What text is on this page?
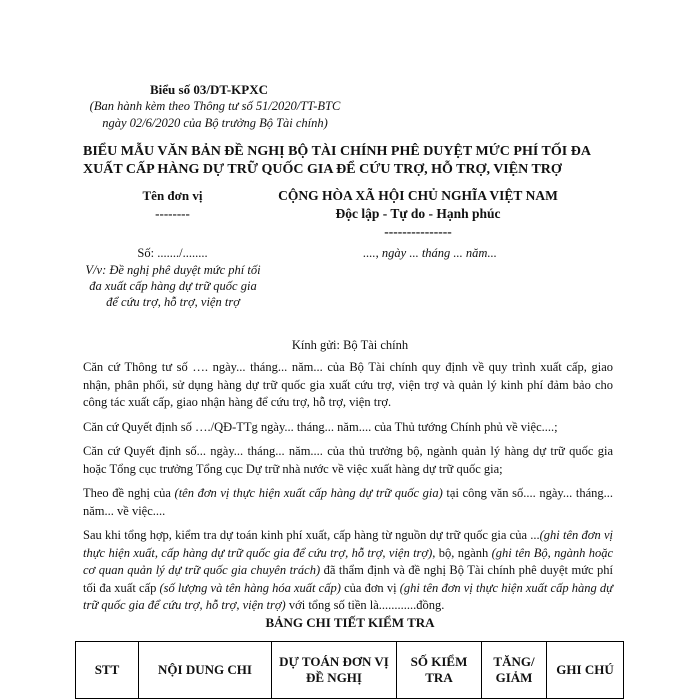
Biểu số 03/DT-KPXC
(Ban hành kèm theo Thông tư số 51/2020/TT-BTC ngày 02/6/2020 của Bộ trưởng Bộ Tài chính)
BIỂU MẪU VĂN BẢN ĐỀ NGHỊ BỘ TÀI CHÍNH PHÊ DUYỆT MỨC PHÍ TỐI ĐA XUẤT CẤP HÀNG DỰ TRỮ QUỐC GIA ĐỂ CỨU TRỢ, HỖ TRỢ, VIỆN TRỢ
Tên đơn vị
--------
CỘNG HÒA XÃ HỘI CHỦ NGHĨA VIỆT NAM
Độc lập - Tự do - Hạnh phúc
---------------
Số: ......./........	...., ngày ... tháng ... năm...
V/v: Đề nghị phê duyệt mức phí tối đa xuất cấp hàng dự trữ quốc gia để cứu trợ, hỗ trợ, viện trợ
Kính gửi: Bộ Tài chính

Căn cứ Thông tư số …. ngày... tháng... năm... của Bộ Tài chính quy định về quy trình xuất cấp, giao nhận, phân phối, sử dụng hàng dự trữ quốc gia xuất cứu trợ, viện trợ và quản lý kinh phí đảm bảo cho công tác xuất cấp, giao nhận hàng để cứu trợ, hỗ trợ, viện trợ.

Căn cứ Quyết định số …./QĐ-TTg ngày... tháng... năm.... của Thủ tướng Chính phủ về việc....;

Căn cứ Quyết định số... ngày... tháng... năm.... của thủ trưởng bộ, ngành quản lý hàng dự trữ quốc gia hoặc Tổng cục trưởng Tổng cục Dự trữ nhà nước về việc xuất hàng dự trữ quốc gia;

Theo đề nghị của (tên đơn vị thực hiện xuất cấp hàng dự trữ quốc gia) tại công văn số.... ngày... tháng... năm... về việc....

Sau khi tổng hợp, kiểm tra dự toán kinh phí xuất, cấp hàng từ nguồn dự trữ quốc gia của ...(ghi tên đơn vị thực hiện xuất, cấp hàng dự trữ quốc gia để cứu trợ, hỗ trợ, viện trợ), bộ, ngành (ghi tên Bộ, ngành hoặc cơ quan quản lý dự trữ quốc gia chuyên trách) đã thẩm định và đề nghị Bộ Tài chính phê duyệt mức phí tối đa xuất cấp (số lượng và tên hàng hóa xuất cấp) của đơn vị (ghi tên đơn vị thực hiện xuất cấp hàng dự trữ quốc gia để cứu trợ, hỗ trợ, viện trợ) với tổng số tiền là............đồng.

BẢNG CHI TIẾT KIỂM TRA
STT	NỘI DUNG CHI	DỰ TOÁN ĐƠN VỊ ĐỀ NGHỊ	SỐ KIỂM TRA	TĂNG/ GIẢM	GHI CHÚ
